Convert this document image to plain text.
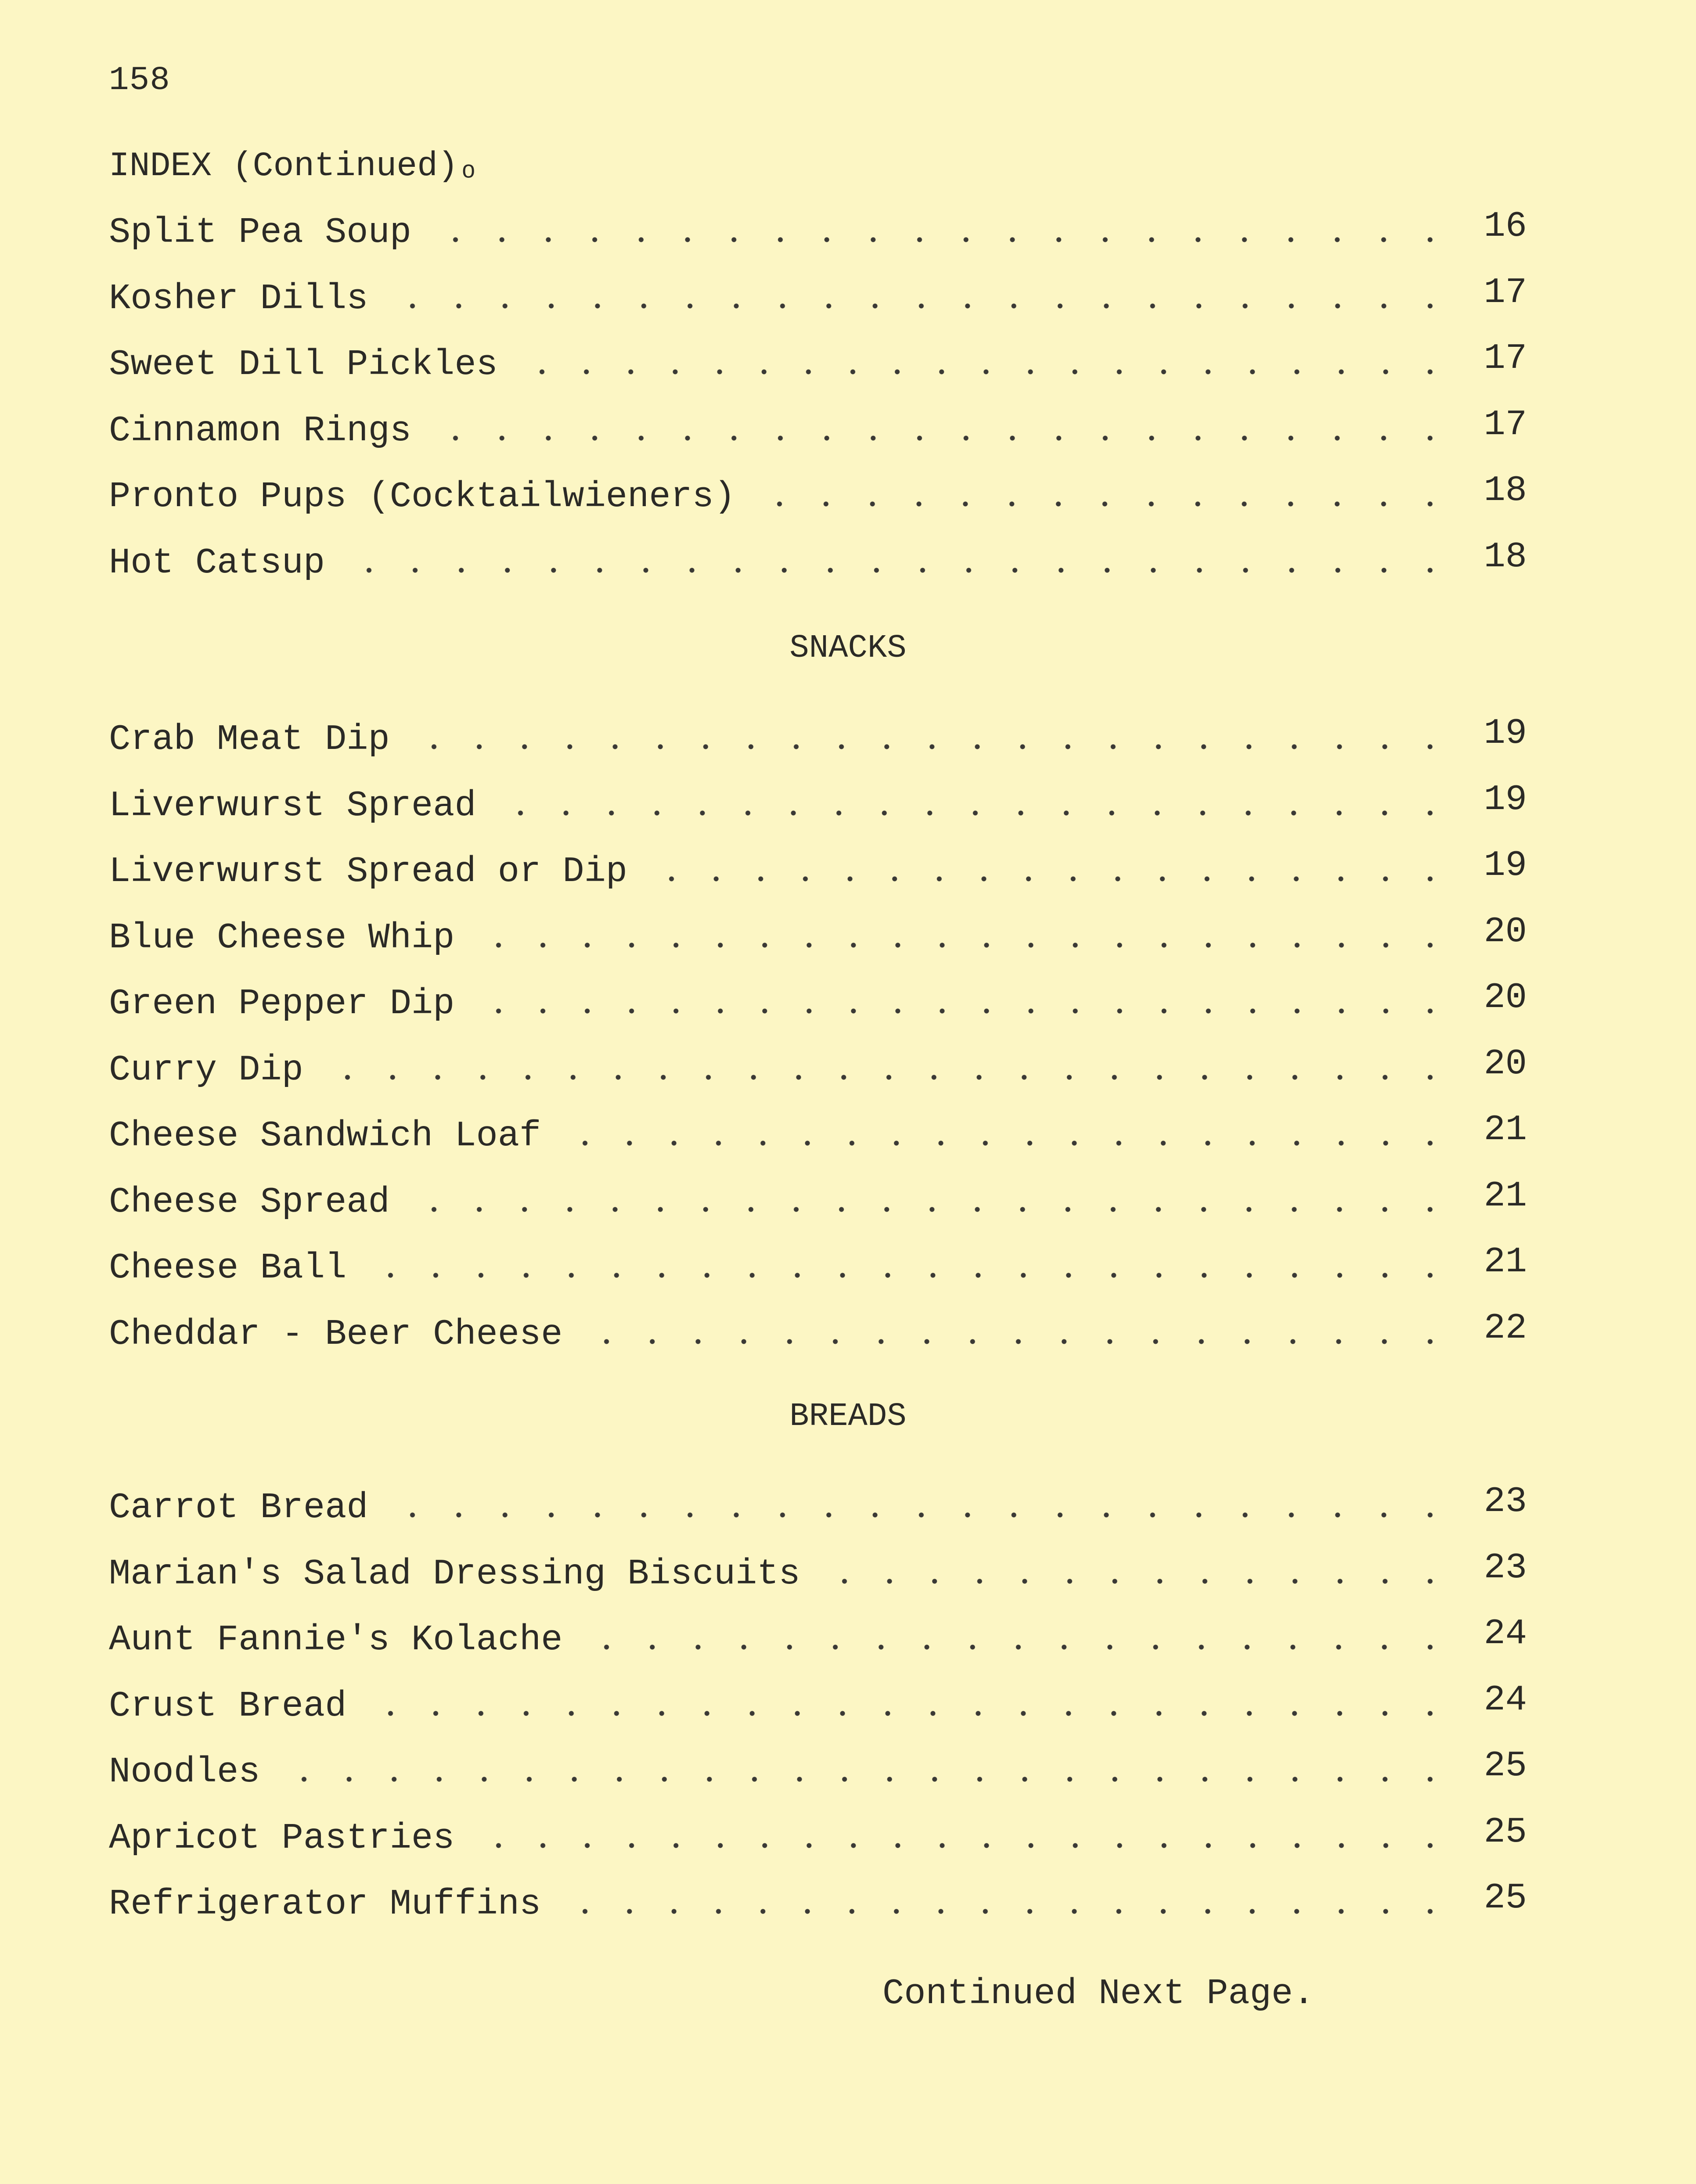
158
INDEX (Continued)ₒ
Split Pea Soup	16
Kosher Dills	17
Sweet Dill Pickles	17
Cinnamon Rings	17
Pronto Pups (Cocktailwieners)	18
Hot Catsup	18
SNACKS
Crab Meat Dip	19
Liverwurst Spread	19
Liverwurst Spread or Dip	19
Blue Cheese Whip	20
Green Pepper Dip	20
Curry Dip	20
Cheese Sandwich Loaf	21
Cheese Spread	21
Cheese Ball	21
Cheddar - Beer Cheese	22
BREADS
Carrot Bread	23
Marian's Salad Dressing Biscuits	23
Aunt Fannie's Kolache	24
Crust Bread	24
Noodles	25
Apricot Pastries	25
Refrigerator Muffins	25
Continued Next Page.
